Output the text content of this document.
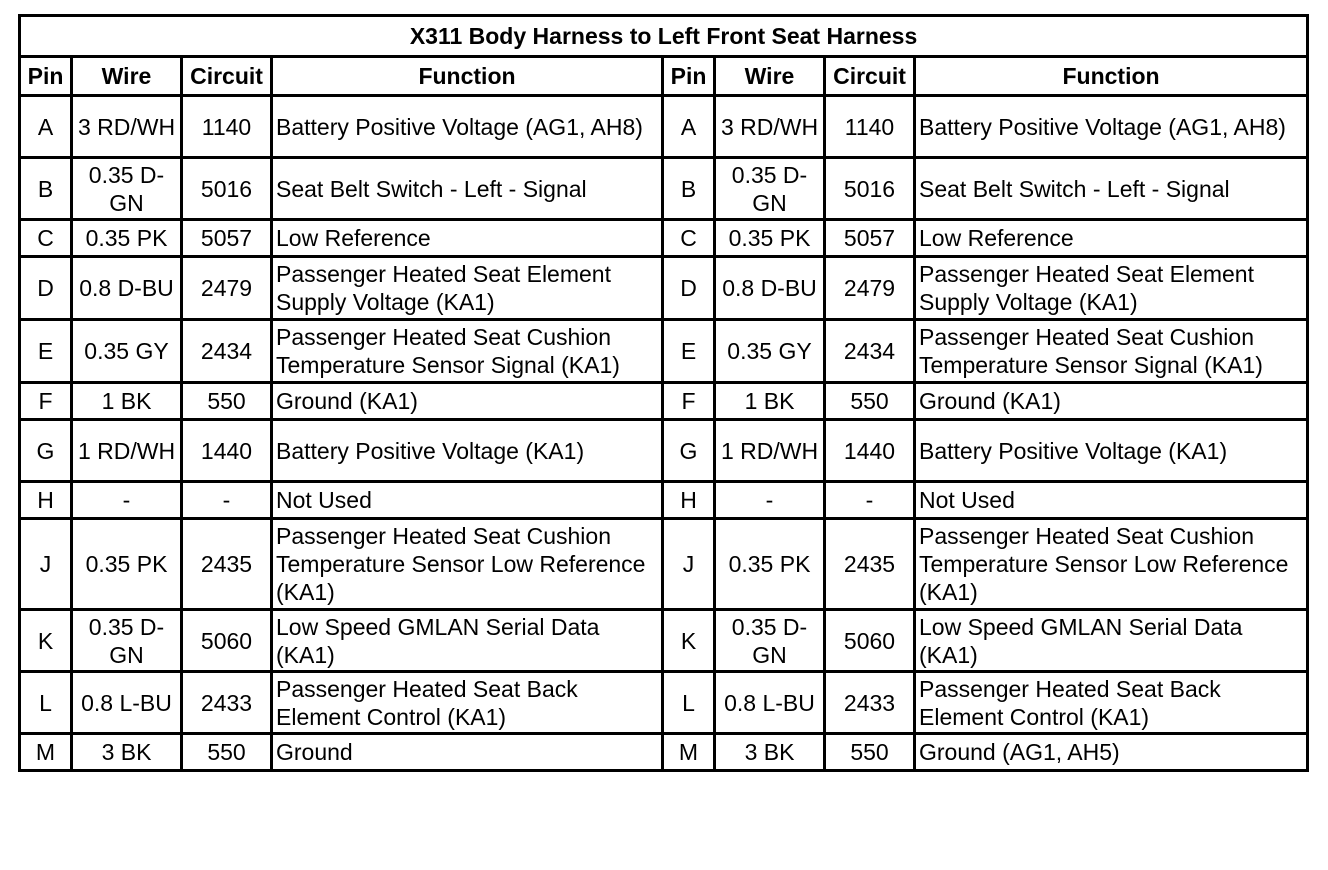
X311 Body Harness to Left Front Seat Harness							
Pin	Wire	Circuit	Function	Pin	Wire	Circuit	Function
A	3 RD/WH	1140	Battery Positive Voltage (AG1, AH8)	A	3 RD/WH	1140	Battery Positive Voltage (AG1, AH8)
B	0.35 D-GN	5016	Seat Belt Switch - Left - Signal	B	0.35 D-GN	5016	Seat Belt Switch - Left - Signal
C	0.35 PK	5057	Low Reference	C	0.35 PK	5057	Low Reference
D	0.8 D-BU	2479	Passenger Heated Seat Element Supply Voltage (KA1)	D	0.8 D-BU	2479	Passenger Heated Seat Element Supply Voltage (KA1)
E	0.35 GY	2434	Passenger Heated Seat Cushion Temperature Sensor Signal (KA1)	E	0.35 GY	2434	Passenger Heated Seat Cushion Temperature Sensor Signal (KA1)
F	1 BK	550	Ground (KA1)	F	1 BK	550	Ground (KA1)
G	1 RD/WH	1440	Battery Positive Voltage (KA1)	G	1 RD/WH	1440	Battery Positive Voltage (KA1)
H	-	-	Not Used	H	-	-	Not Used
J	0.35 PK	2435	Passenger Heated Seat Cushion Temperature Sensor Low Reference (KA1)	J	0.35 PK	2435	Passenger Heated Seat Cushion Temperature Sensor Low Reference (KA1)
K	0.35 D-GN	5060	Low Speed GMLAN Serial Data (KA1)	K	0.35 D-GN	5060	Low Speed GMLAN Serial Data (KA1)
L	0.8 L-BU	2433	Passenger Heated Seat Back Element Control (KA1)	L	0.8 L-BU	2433	Passenger Heated Seat Back Element Control (KA1)
M	3 BK	550	Ground	M	3 BK	550	Ground (AG1, AH5)
